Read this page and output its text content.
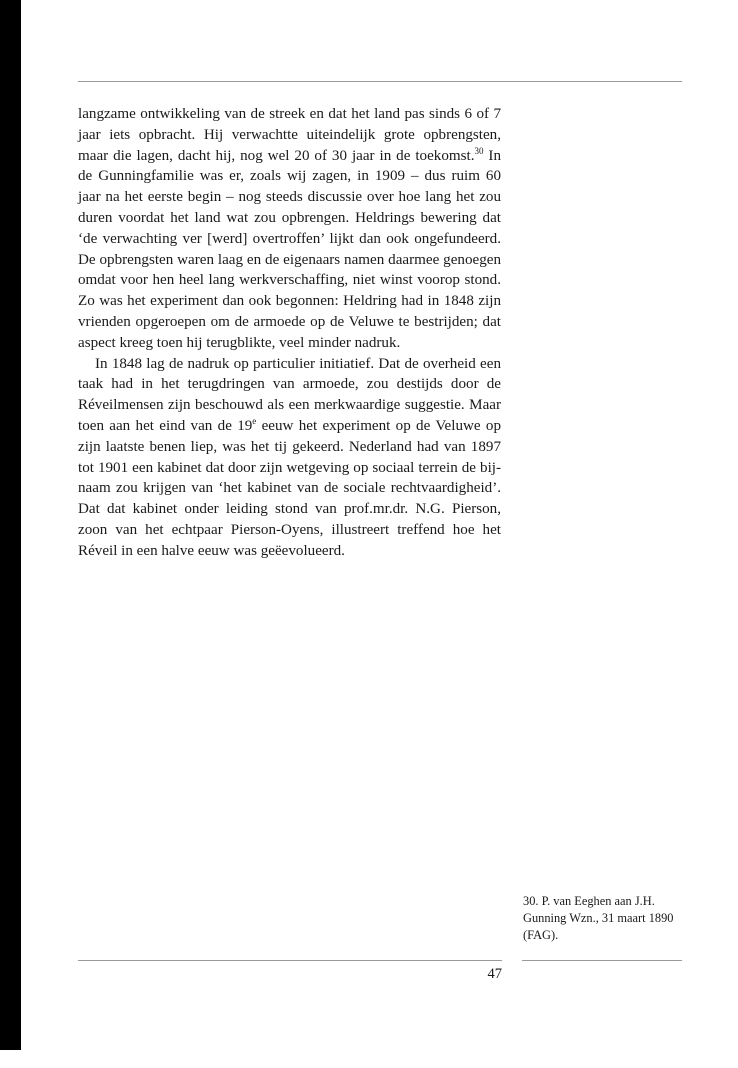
langzame ontwikkeling van de streek en dat het land pas sinds 6 of 7 jaar iets opbracht. Hij verwachtte uiteindelijk grote opbrengsten, maar die lagen, dacht hij, nog wel 20 of 30 jaar in de toekomst.$^{30}$ In de Gunningfamilie was er, zoals wij zagen, in 1909 – dus ruim 60 jaar na het eerste begin – nog steeds discussie over hoe lang het zou duren voordat het land wat zou opbrengen. Heldrings bewering dat ‘de verwachting ver [werd] overtroffen’ lijkt dan ook ongefundeerd. De opbrengsten waren laag en de eigenaars namen daarmee genoegen omdat voor hen heel lang werkverschaffing, niet winst voorop stond. Zo was het experiment dan ook begonnen: Heldring had in 1848 zijn vrienden opgeroepen om de armoede op de Veluwe te bestrijden; dat aspect kreeg toen hij terugblikte, veel minder nadruk.

In 1848 lag de nadruk op particulier initiatief. Dat de overheid een taak had in het terugdringen van armoede, zou destijds door de Réveilmensen zijn beschouwd als een merkwaardige suggestie. Maar toen aan het eind van de 19e eeuw het experiment op de Veluwe op zijn laatste benen liep, was het tij gekeerd. Nederland had van 1897 tot 1901 een kabinet dat door zijn wetgeving op sociaal terrein de bijnaam zou krijgen van ‘het kabinet van de sociale rechtvaardigheid’. Dat dat kabinet onder leiding stond van prof.mr.dr. N.G. Pierson, zoon van het echtpaar Pierson-Oyens, illustreert treffend hoe het Réveil in een halve eeuw was geëevolueerd.

30. P. van Eeghen aan J.H. Gunning Wzn., 31 maart 1890 (FAG).
47
